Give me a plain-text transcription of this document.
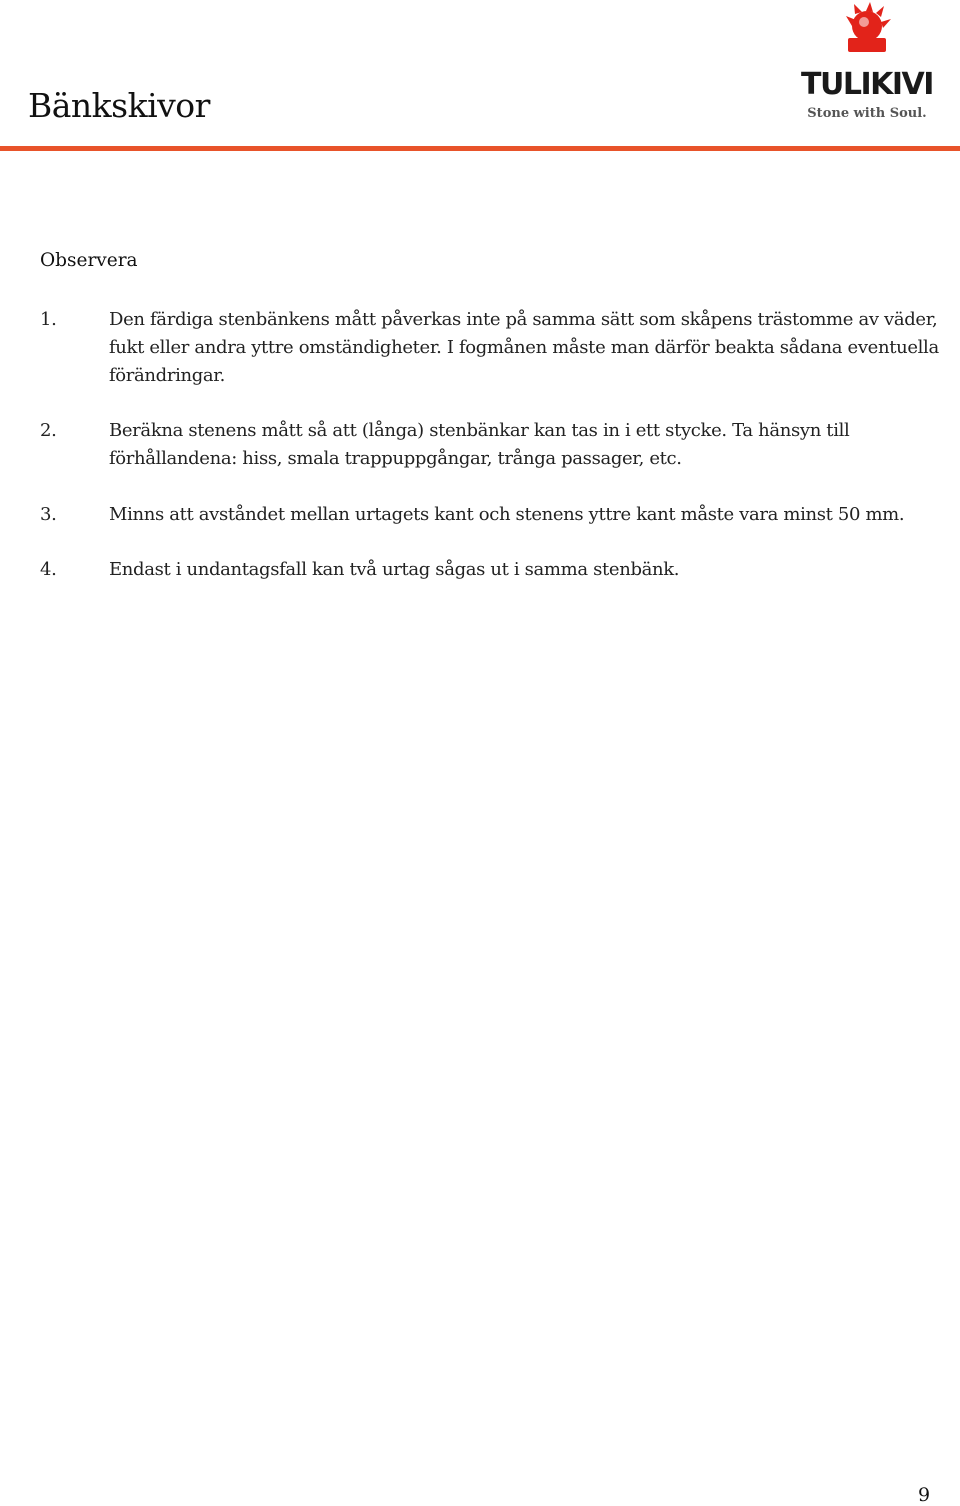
Bänkskivor
TULIKIVI
Stone with Soul.
Observera
1.	Den färdiga stenbänkens mått påverkas inte på samma sätt som skåpens trästomme av väder, fukt eller andra yttre omständigheter. I fogmånen måste man därför beakta sådana eventuella förändringar.
2.	Beräkna stenens mått så att (långa) stenbänkar kan tas in i ett stycke. Ta hänsyn till förhållandena: hiss, smala trappuppgångar, trånga passager, etc.
3.	Minns att avståndet mellan urtagets kant och stenens yttre kant måste vara minst 50 mm.
4.	Endast i undantagsfall kan två urtag sågas ut i samma stenbänk.
9
